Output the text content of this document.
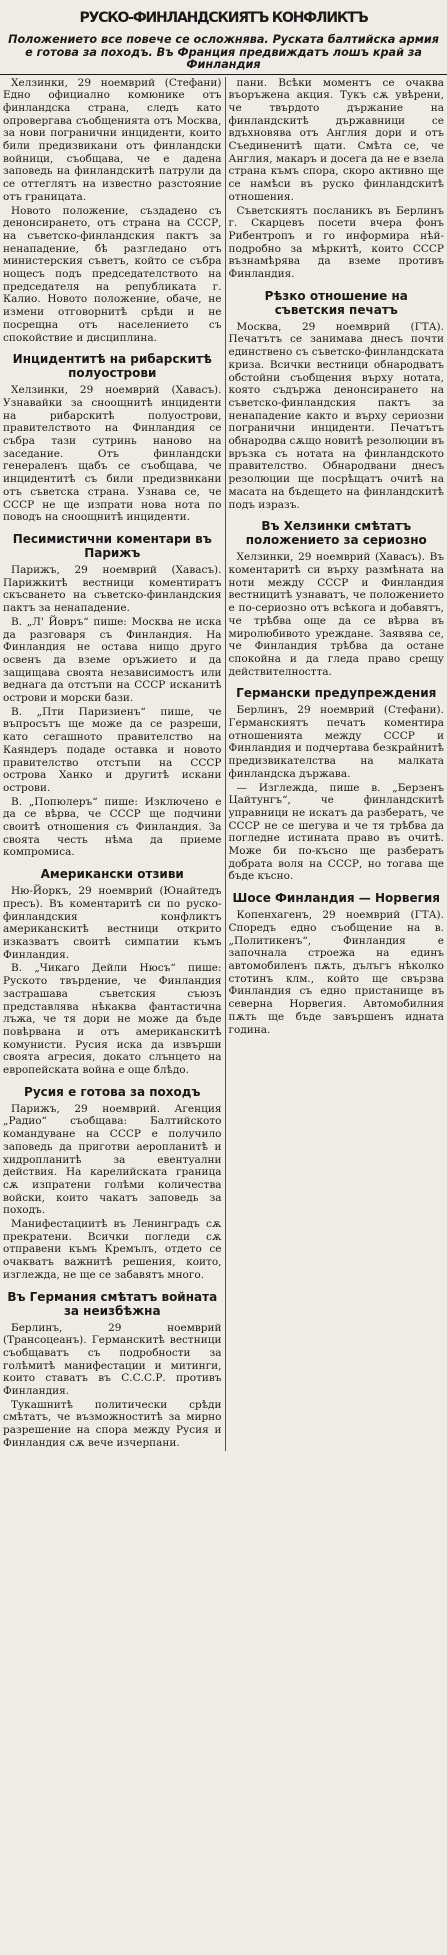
РУСКО-ФИНЛАНДСКИЯТЪ КОНФЛИКТЪ
Положението все повече се осложнява. Руската балтийска армия е готова за походъ. Въ Франция предвиждатъ лошъ край за Финландия

Хелзинки, 29 ноемврий (Стефани) Едно официално комюнике отъ финландска страна, следъ като опровергава съобщенията отъ Москва, за нови погранични инциденти, които били предизвикани отъ финландски войници, съобщава, че е дадена заповедь на финландскитѣ патрули да се оттеглятъ на известно разстояние отъ границата.

Новото положение, създадено съ денонсирането, отъ страна на СССР, на съветско-финландския пактъ за ненападение, бѣ разгледано отъ министерския съветъ, който се събра нощесъ подъ председателството на председателя на републиката г. Калио. Новото положение, обаче, не измени отговорнитѣ срѣди и не посрещна отъ населението съ спокойствие и дисциплина.

Инцидентитѣ на рибарскитѣ полуострови

Хелзинки, 29 ноемврий (Хавасъ). Узнавайки за сноощнитѣ инциденти на рибарскитѣ полуострови, правителството на Финландия се събра тази сутринь наново на заседание. Отъ финландски генераленъ щабъ се съобщава, че инцидентитѣ съ били предизвикани отъ съветска страна. Узнава се, че СССР не ще изпрати нова нота по поводъ на сноощнитѣ инциденти.

Песимистични коментари въ Парижъ

Парижъ, 29 ноемврий (Хавасъ). Парижкитѣ вестници коментиратъ скъсването на съветско-финландския пактъ за ненападение.

В. „Л' Йовръ“ пише: Москва не иска да разговаря съ Финландия. На Финландия не остава нищо друго освенъ да вземе оръжието и да защищава своята независимостъ или веднага да отстъпи на СССР исканитѣ острови и морски бази.

В. „Пти Паризиенъ“ пише, че въпросътъ ще може да се разреши, като сегашното правителство на Каяндеръ подаде оставка и новото правителство отстъпи на СССР острова Ханко и другитѣ искани острови.

В. „Попюлеръ“ пише: Изключено е да се вѣрва, че СССР ще подчини своитѣ отношения съ Финландия. За своята честь нѣма да приеме компромиса.

Американски отзиви

Ню-Йоркъ, 29 ноемврий (Юнайтедъ пресъ). Въ коментаритѣ си по руско-финландския конфликтъ американскитѣ вестници открито изказватъ своитѣ симпатии къмъ Финландия.

В. „Чикаго Дейли Нюсъ“ пише: Руското твърдение, че Финландия застрашава съветския съюзъ представлява нѣкаква фантастична лъжа, че тя дори не може да бъде повѣрвана и отъ американскитѣ комунисти. Русия иска да извърши своята агресия, докато слънцето на европейската война е още блѣдо.

Русия е готова за походъ

Парижъ, 29 ноемврий. Агенция „Радио“ съобщава: Балтийското командуване на СССР е получило заповедь да приготви аеропланитѣ и хидропланитѣ за евентуални действия. На карелийската граница сѫ изпратени голѣми количества войски, които чакатъ заповедь за походъ.

Манифестациитѣ въ Ленинградъ сѫ прекратени. Всички погледи сѫ отправени къмъ Кремълъ, отдето се очакватъ важнитѣ решения, които, изглежда, не ще се забавятъ много.

Въ Германия смѣтатъ войната за неизбѣжна

Берлинъ, 29 ноемврий (Трансоцеанъ). Германскитѣ вестници съобщаватъ съ подробности за голѣмитѣ манифестации и митинги, които ставатъ въ С.С.С.Р. противъ Финландия.

Тукашнитѣ политически срѣди смѣтатъ, че възможноститѣ за мирно разрешение на спора между Русия и Финландия сѫ вече изчерпани.

пани. Всѣки моментъ се очаква въоръжена акция. Тукъ сѫ увѣрени, че твърдото държание на финландскитѣ държавници се вдъхновява отъ Англия дори и отъ Съединенитѣ щати. Смѣта се, че Англия, макаръ и досега да не е взела страна къмъ спора, скоро активно ще се намѣси въ руско финландскитѣ отношения.

Съветскиятъ посланикъ въ Берлинъ г. Скарцевъ посети вчера фонъ Рибентропъ и го информира нѣй-подробно за мѣркитѣ, които СССР възнамѣрява да вземе противъ Финландия.

Рѣзко отношение на съветския печатъ

Москва, 29 ноемврий (ГТА). Печатътъ се занимава днесъ почти единствено съ съветско-финландската криза. Всички вестници обнародватъ обстойни съобщения върху нотата, която съдържа денонсирането на съветско-финландския пактъ за ненападение както и върху сериозни погранични инциденти. Печатътъ обнародва сѫщо новитѣ резолюции въ връзка съ нотата на финландското правителство. Обнародвани днесъ резолюции ще посрѣщатъ очитѣ на масата на бъдещето на финландскитѣ подъ изразъ.

Въ Хелзинки смѣтатъ положението за сериозно

Хелзинки, 29 ноемврий (Хавасъ). Въ коментаритѣ си върху размѣната на ноти между СССР и Финландия вестницитѣ узнаватъ, че положението е по-сериозно отъ всѣкога и добавятъ, че трѣбва още да се вѣрва въ миролюбивото уреждане. Заявява се, че Финландия трѣбва да остане спокойна и да гледа право срещу действителността.

Германски предупреждения

Берлинъ, 29 ноемврий (Стефани). Германскиятъ печатъ коментира отношенията между СССР и Финландия и подчертава безкрайнитѣ предизвикателства на малката финландска държава.

— Изглежда, пише в. „Берзенъ Цайтунгъ“, че финландскитѣ управници не искатъ да разбератъ, че СССР не се шегува и че тя трѣбва да погледне истината право въ очитѣ. Може би по-късно ще разбератъ добрата воля на СССР, но тогава ще бъде късно.

Шосе Финландия — Норвегия

Копенхагенъ, 29 ноемврий (ГТА). Споредъ едно съобщение на в. „Политикенъ“, Финландия е започнала строежа на единъ автомобиленъ пѫть, дълъгъ нѣколко стотинъ клм., който ще свързва Финландия съ едно пристанище въ северна Норвегия. Автомобилния пѫть ще бъде завършенъ идната година.
